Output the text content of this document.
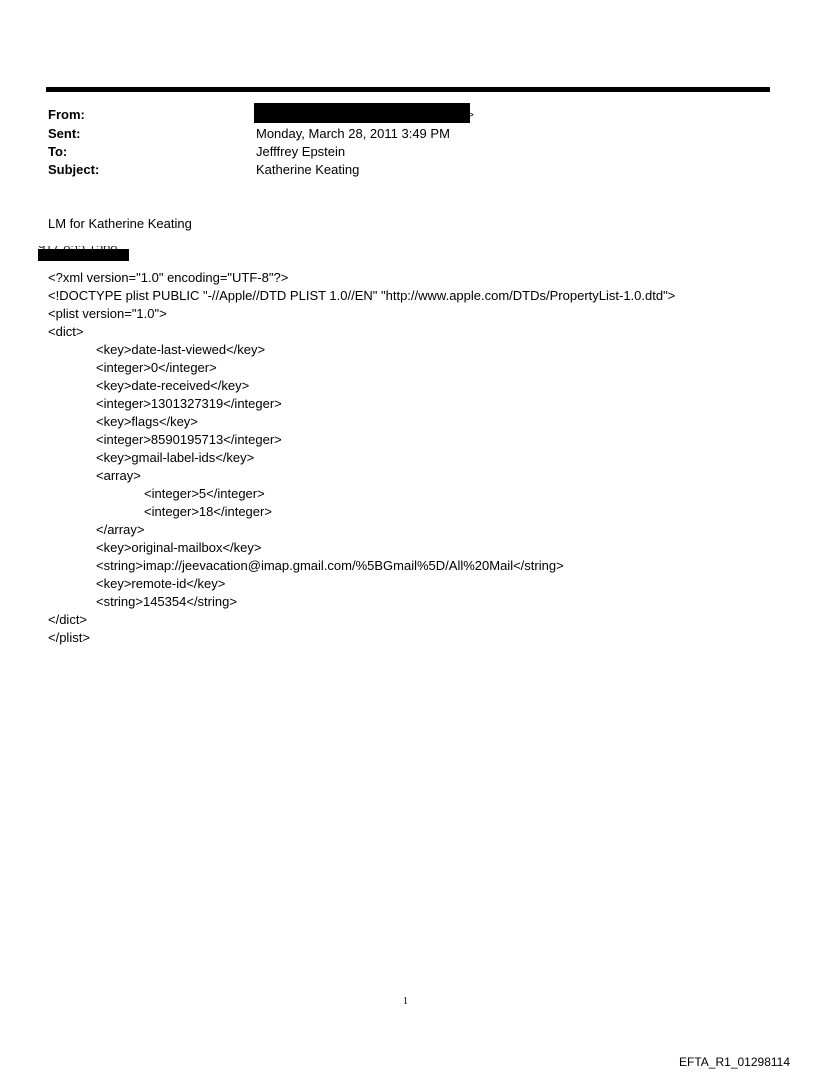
From:	>
Sent:	Monday, March 28, 2011 3:49 PM
To:	Jefffrey Epstein
Subject:	Katherine Keating
LM for Katherine Keating
<?xml version="1.0" encoding="UTF-8"?>
<!DOCTYPE plist PUBLIC "-//Apple//DTD PLIST 1.0//EN" "http://www.apple.com/DTDs/PropertyList-1.0.dtd">
<plist version="1.0">
<dict>
<key>date-last-viewed</key>
<integer>0</integer>
<key>date-received</key>
<integer>1301327319</integer>
<key>flags</key>
<integer>8590195713</integer>
<key>gmail-label-ids</key>
<array>
<integer>5</integer>
<integer>18</integer>
</array>
<key>original-mailbox</key>
<string>imap://jeevacation@imap.gmail.com/%5BGmail%5D/All%20Mail</string>
<key>remote-id</key>
<string>145354</string>
</dict>
</plist>
1
EFTA_R1_01298114
